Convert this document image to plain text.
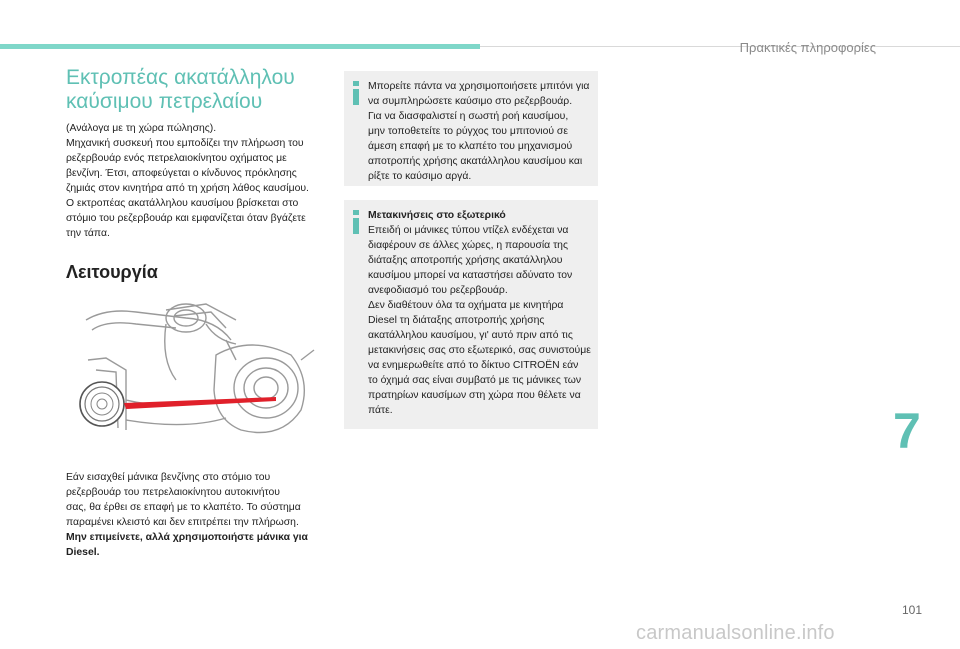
Πρακτικές πληροφορίες
Εκτροπέας ακατάλληλου
καύσιμου πετρελαίου
(Ανάλογα με τη χώρα πώλησης).
Μηχανική συσκευή που εμποδίζει την πλήρωση του
ρεζερβουάρ ενός πετρελαιοκίνητου οχήματος με
βενζίνη. Έτσι, αποφεύγεται ο κίνδυνος πρόκλησης
ζημιάς στον κινητήρα από τη χρήση λάθος καυσίμου.
Ο εκτροπέας ακατάλληλου καυσίμου βρίσκεται στο
στόμιο του ρεζερβουάρ και εμφανίζεται όταν βγάζετε
την τάπα.
Λειτουργία
Εάν εισαχθεί μάνικα βενζίνης στο στόμιο του
ρεζερβουάρ του πετρελαιοκίνητου αυτοκινήτου
σας, θα έρθει σε επαφή με το κλαπέτο. Το σύστημα
παραμένει κλειστό και δεν επιτρέπει την πλήρωση.
Μην επιμείνετε, αλλά χρησιμοποιήστε μάνικα για
Diesel.
Μπορείτε πάντα να χρησιμοποιήσετε μπιτόνι για
να συμπληρώσετε καύσιμο στο ρεζερβουάρ.
Για να διασφαλιστεί η σωστή ροή καυσίμου,
μην τοποθετείτε το ρύγχος του μπιτονιού σε
άμεση επαφή με το κλαπέτο του μηχανισμού
αποτροπής χρήσης ακατάλληλου καυσίμου και
ρίξτε το καύσιμο αργά.
Μετακινήσεις στο εξωτερικό
Επειδή οι μάνικες τύπου ντίζελ ενδέχεται να
διαφέρουν σε άλλες χώρες, η παρουσία της
διάταξης αποτροπής χρήσης ακατάλληλου
καυσίμου μπορεί να καταστήσει αδύνατο τον
ανεφοδιασμό του ρεζερβουάρ.
Δεν διαθέτουν όλα τα οχήματα με κινητήρα
Diesel τη διάταξης αποτροπής χρήσης
ακατάλληλου καυσίμου, γι' αυτό πριν από τις
μετακινήσεις σας στο εξωτερικό, σας συνιστούμε
να ενημερωθείτε από το δίκτυο CITROËN εάν
το όχημά σας είναι συμβατό με τις μάνικες των
πρατηρίων καυσίμων στη χώρα που θέλετε να
πάτε.	7
101
carmanualsonline.info
